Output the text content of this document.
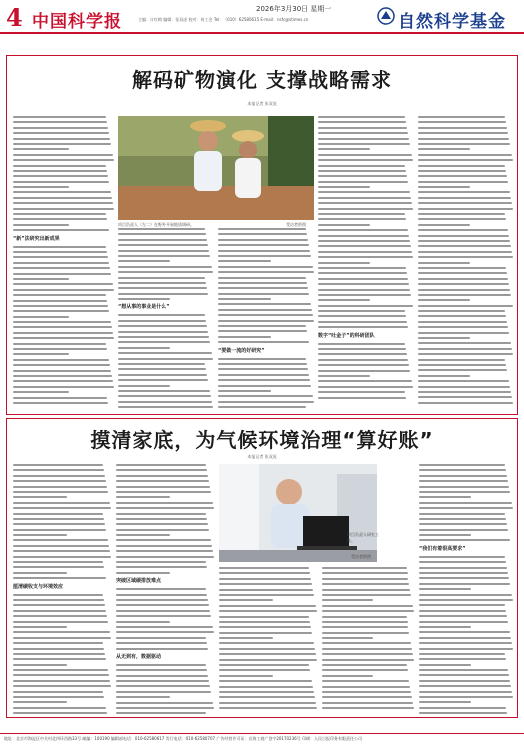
4 中国科学报
2026年3月30日 星期一
主编：计红梅 编辑：张双虎 校对：何工会 Tel：（010）62580615 E-mail：nsfc@stimes.cn	自然科学基金
解码矿物演化 支撑战略需求
本报记者 张双虎
“新”法研究出新成果
项目负责人（左二）在野外开展地质调研。	受访者供图
“想从事的事业是什么”
“要做一流的好研究”
数字“吐金子”的科研团队
摸清家底，为气候环境治理“算好账”
本报记者 张双虎
厘清碳收支与环境效应
突破区域碳排放难点
从无到有，数据驱动
项目负责人研究工作。
受访者供图
“我们有着很高要求”
地址：北京市海淀区中关村北四环西路33号 邮编：100190 编辑部电话：010-62580617 发行电话：010-62580707 广告经营许可证：京海工商广登字20170236号 印刷：人民日报印务有限责任公司
